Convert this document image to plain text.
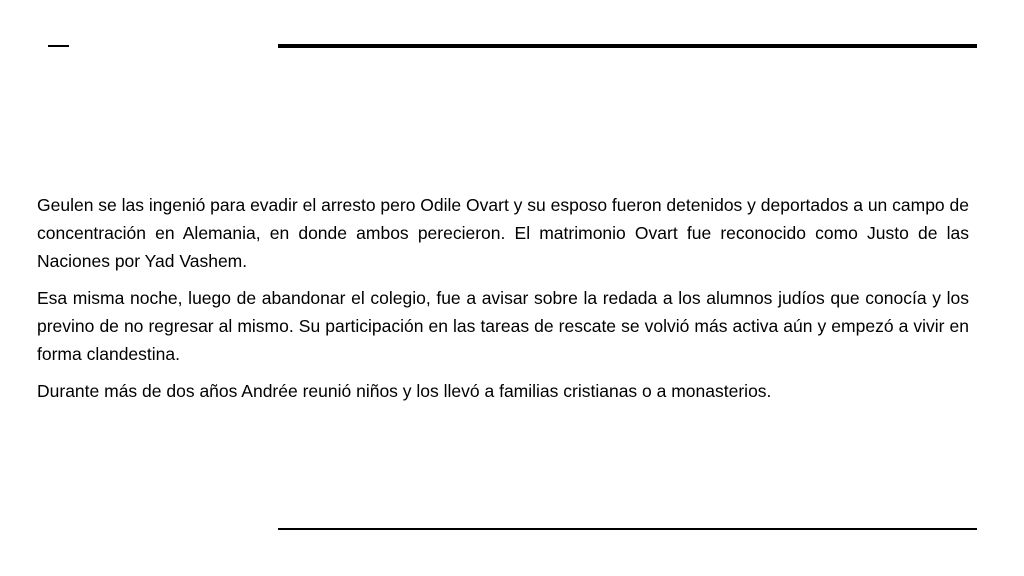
Geulen se las ingenió para evadir el arresto pero Odile Ovart y su esposo fueron detenidos y deportados a un campo de concentración en Alemania, en donde ambos perecieron. El matrimonio Ovart fue reconocido como Justo de las Naciones por Yad Vashem.

Esa misma noche, luego de abandonar el colegio, fue a avisar sobre la redada a los alumnos judíos que conocía y los previno de no regresar al mismo. Su participación en las tareas de rescate se volvió más activa aún y empezó a vivir en forma clandestina.

Durante más de dos años Andrée reunió niños y los llevó a familias cristianas o a monasterios.
